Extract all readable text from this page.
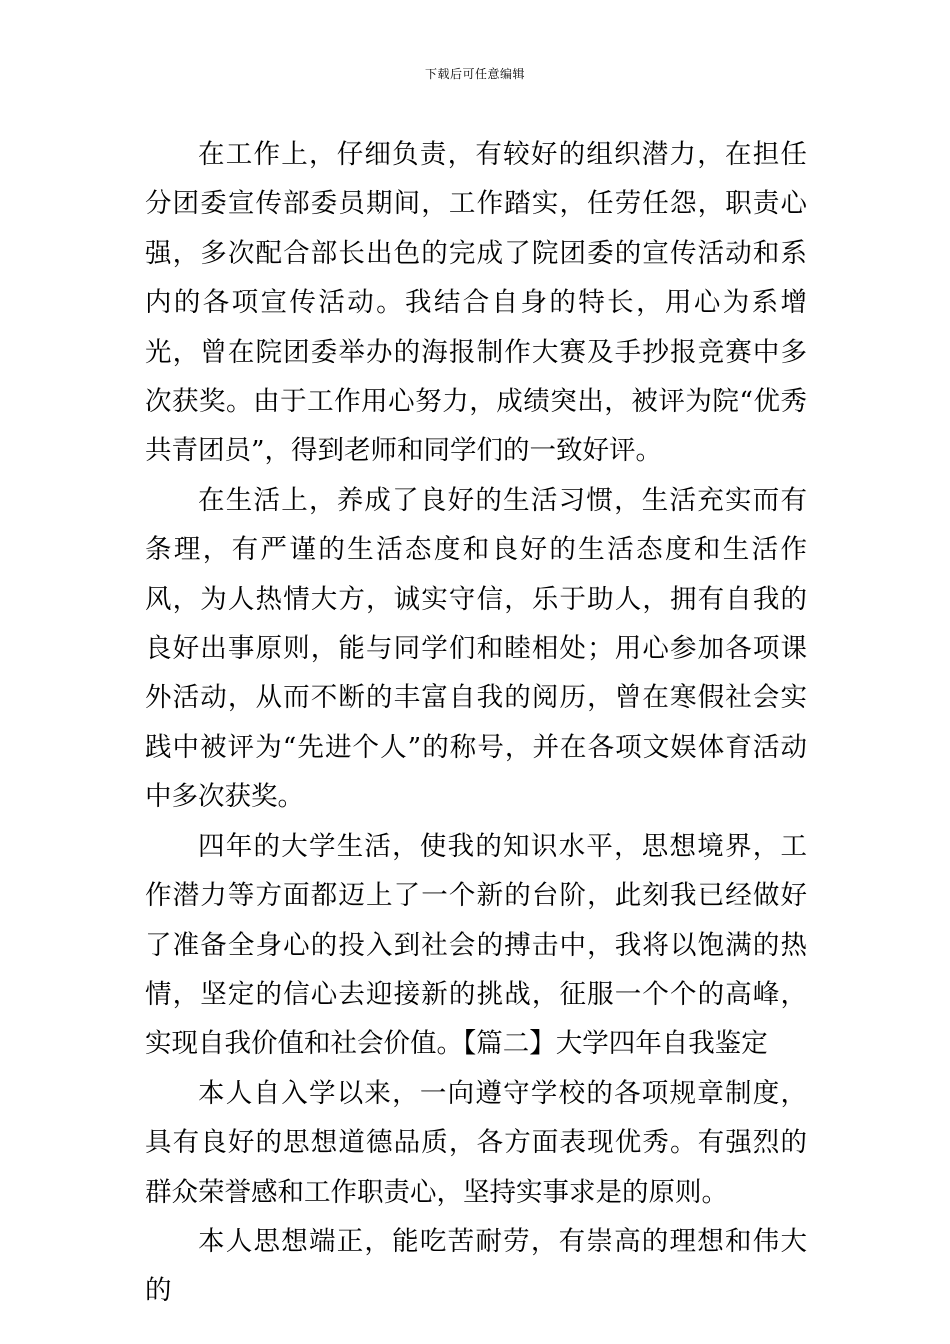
下载后可任意编辑

在工作上，仔细负责，有较好的组织潜力，在担任分团委宣传部委员期间，工作踏实，任劳任怨，职责心强，多次配合部长出色的完成了院团委的宣传活动和系内的各项宣传活动。我结合自身的特长，用心为系增光，曾在院团委举办的海报制作大赛及手抄报竞赛中多次获奖。由于工作用心努力，成绩突出，被评为院“优秀共青团员”，得到老师和同学们的一致好评。

在生活上，养成了良好的生活习惯，生活充实而有条理，有严谨的生活态度和良好的生活态度和生活作风，为人热情大方，诚实守信，乐于助人，拥有自我的良好出事原则，能与同学们和睦相处；用心参加各项课外活动，从而不断的丰富自我的阅历，曾在寒假社会实践中被评为“先进个人”的称号，并在各项文娱体育活动中多次获奖。

四年的大学生活，使我的知识水平，思想境界，工作潜力等方面都迈上了一个新的台阶，此刻我已经做好了准备全身心的投入到社会的搏击中，我将以饱满的热情，坚定的信心去迎接新的挑战，征服一个个的高峰，实现自我价值和社会价值。【篇二】大学四年自我鉴定

本人自入学以来，一向遵守学校的各项规章制度，具有良好的思想道德品质，各方面表现优秀。有强烈的群众荣誉感和工作职责心，坚持实事求是的原则。

本人思想端正，能吃苦耐劳，有崇高的理想和伟大的
